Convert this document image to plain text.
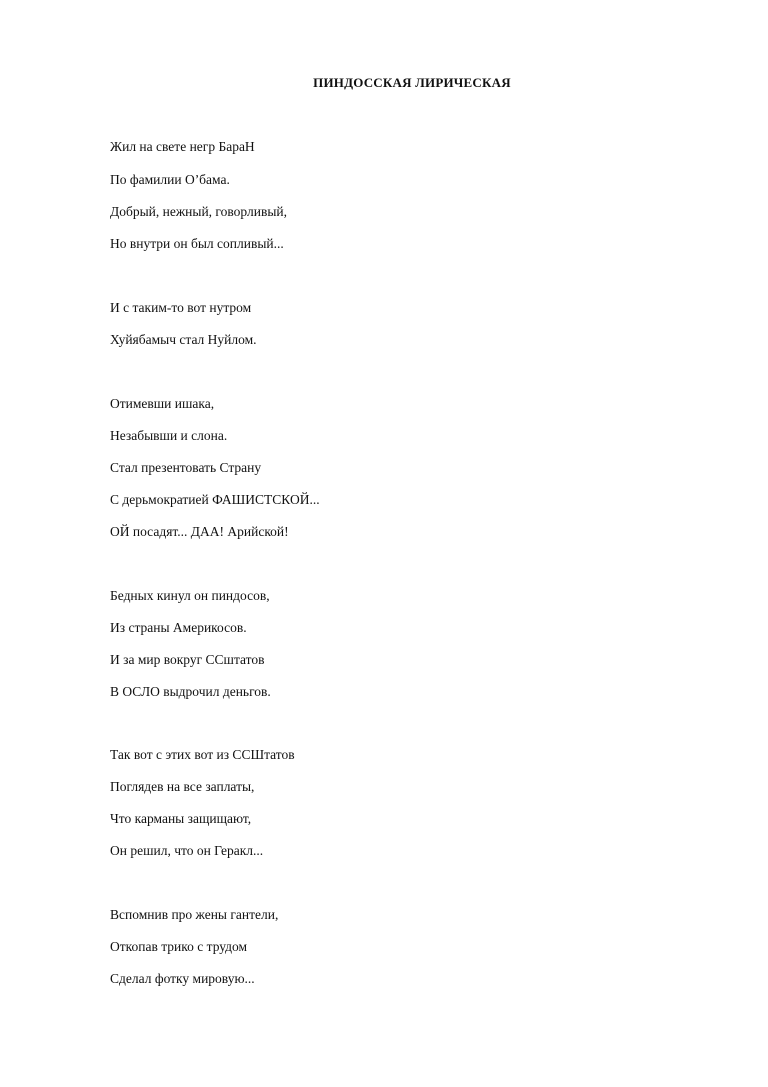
ПИНДОССКАЯ ЛИРИЧЕСКАЯ
Жил на свете негр БараН
По фамилии О’бама.
Добрый, нежный, говорливый,
Но внутри он был сопливый...
И с таким-то вот нутром
Хуйябамыч стал Нуйлом.
Отимевши ишака,
Незабывши и слона.
Стал презентовать Страну
С дерьмократией ФАШИСТСКОЙ...
ОЙ посадят... ДАА! Арийской!
Бедных кинул он пиндосов,
Из страны Америкосов.
И за мир вокруг ССштатов
В ОСЛО выдрочил деньгов.
Так вот с этих вот из ССШтатов
Поглядев на все заплаты,
Что карманы защищают,
Он решил, что он Геракл...
Вспомнив про жены гантели,
Откопав трико с трудом
Сделал фотку мировую...
